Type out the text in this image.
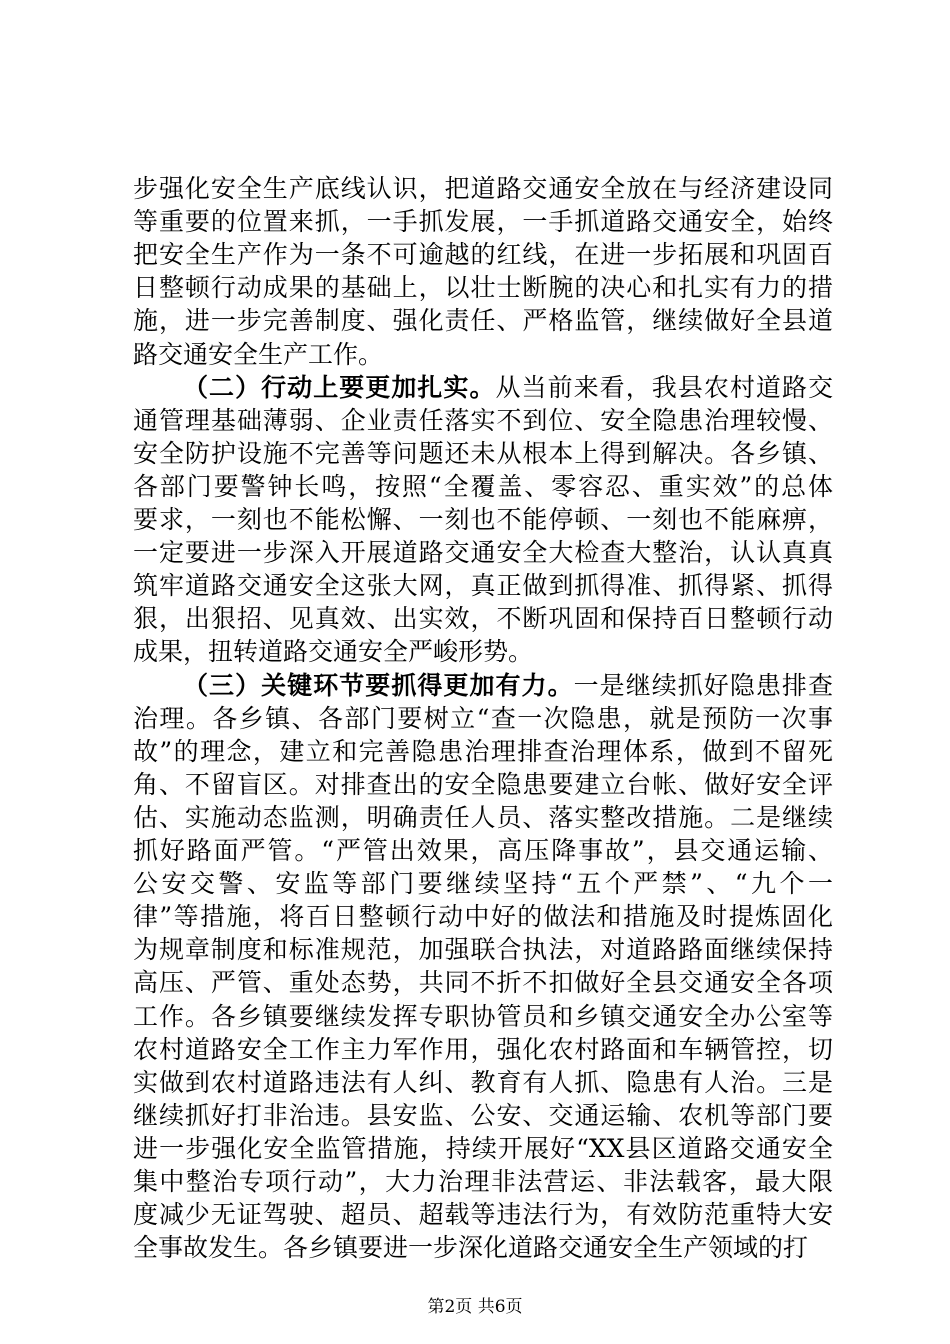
步强化安全生产底线认识，把道路交通安全放在与经济建设同
等重要的位置来抓，一手抓发展，一手抓道路交通安全，始终
把安全生产作为一条不可逾越的红线，在进一步拓展和巩固百
日整顿行动成果的基础上，以壮士断腕的决心和扎实有力的措
施，进一步完善制度、强化责任、严格监管，继续做好全县道
路交通安全生产工作。
（二）行动上要更加扎实。从当前来看，我县农村道路交
通管理基础薄弱、企业责任落实不到位、安全隐患治理较慢、
安全防护设施不完善等问题还未从根本上得到解决。各乡镇、
各部门要警钟长鸣，按照“全覆盖、零容忍、重实效”的总体
要求，一刻也不能松懈、一刻也不能停顿、一刻也不能麻痹，
一定要进一步深入开展道路交通安全大检查大整治，认认真真
筑牢道路交通安全这张大网，真正做到抓得准、抓得紧、抓得
狠，出狠招、见真效、出实效，不断巩固和保持百日整顿行动
成果，扭转道路交通安全严峻形势。
（三）关键环节要抓得更加有力。一是继续抓好隐患排查
治理。各乡镇、各部门要树立“查一次隐患，就是预防一次事
故”的理念，建立和完善隐患治理排查治理体系，做到不留死
角、不留盲区。对排查出的安全隐患要建立台帐、做好安全评
估、实施动态监测，明确责任人员、落实整改措施。二是继续
抓好路面严管。“严管出效果，高压降事故”，县交通运输、
公安交警、安监等部门要继续坚持“五个严禁”、“九个一
律”等措施，将百日整顿行动中好的做法和措施及时提炼固化
为规章制度和标准规范，加强联合执法，对道路路面继续保持
高压、严管、重处态势，共同不折不扣做好全县交通安全各项
工作。各乡镇要继续发挥专职协管员和乡镇交通安全办公室等
农村道路安全工作主力军作用，强化农村路面和车辆管控，切
实做到农村道路违法有人纠、教育有人抓、隐患有人治。三是
继续抓好打非治违。县安监、公安、交通运输、农机等部门要
进一步强化安全监管措施，持续开展好“XX县区道路交通安全
集中整治专项行动”，大力治理非法营运、非法载客，最大限
度减少无证驾驶、超员、超载等违法行为，有效防范重特大安
全事故发生。各乡镇要进一步深化道路交通安全生产领域的打
第2页 共6页
